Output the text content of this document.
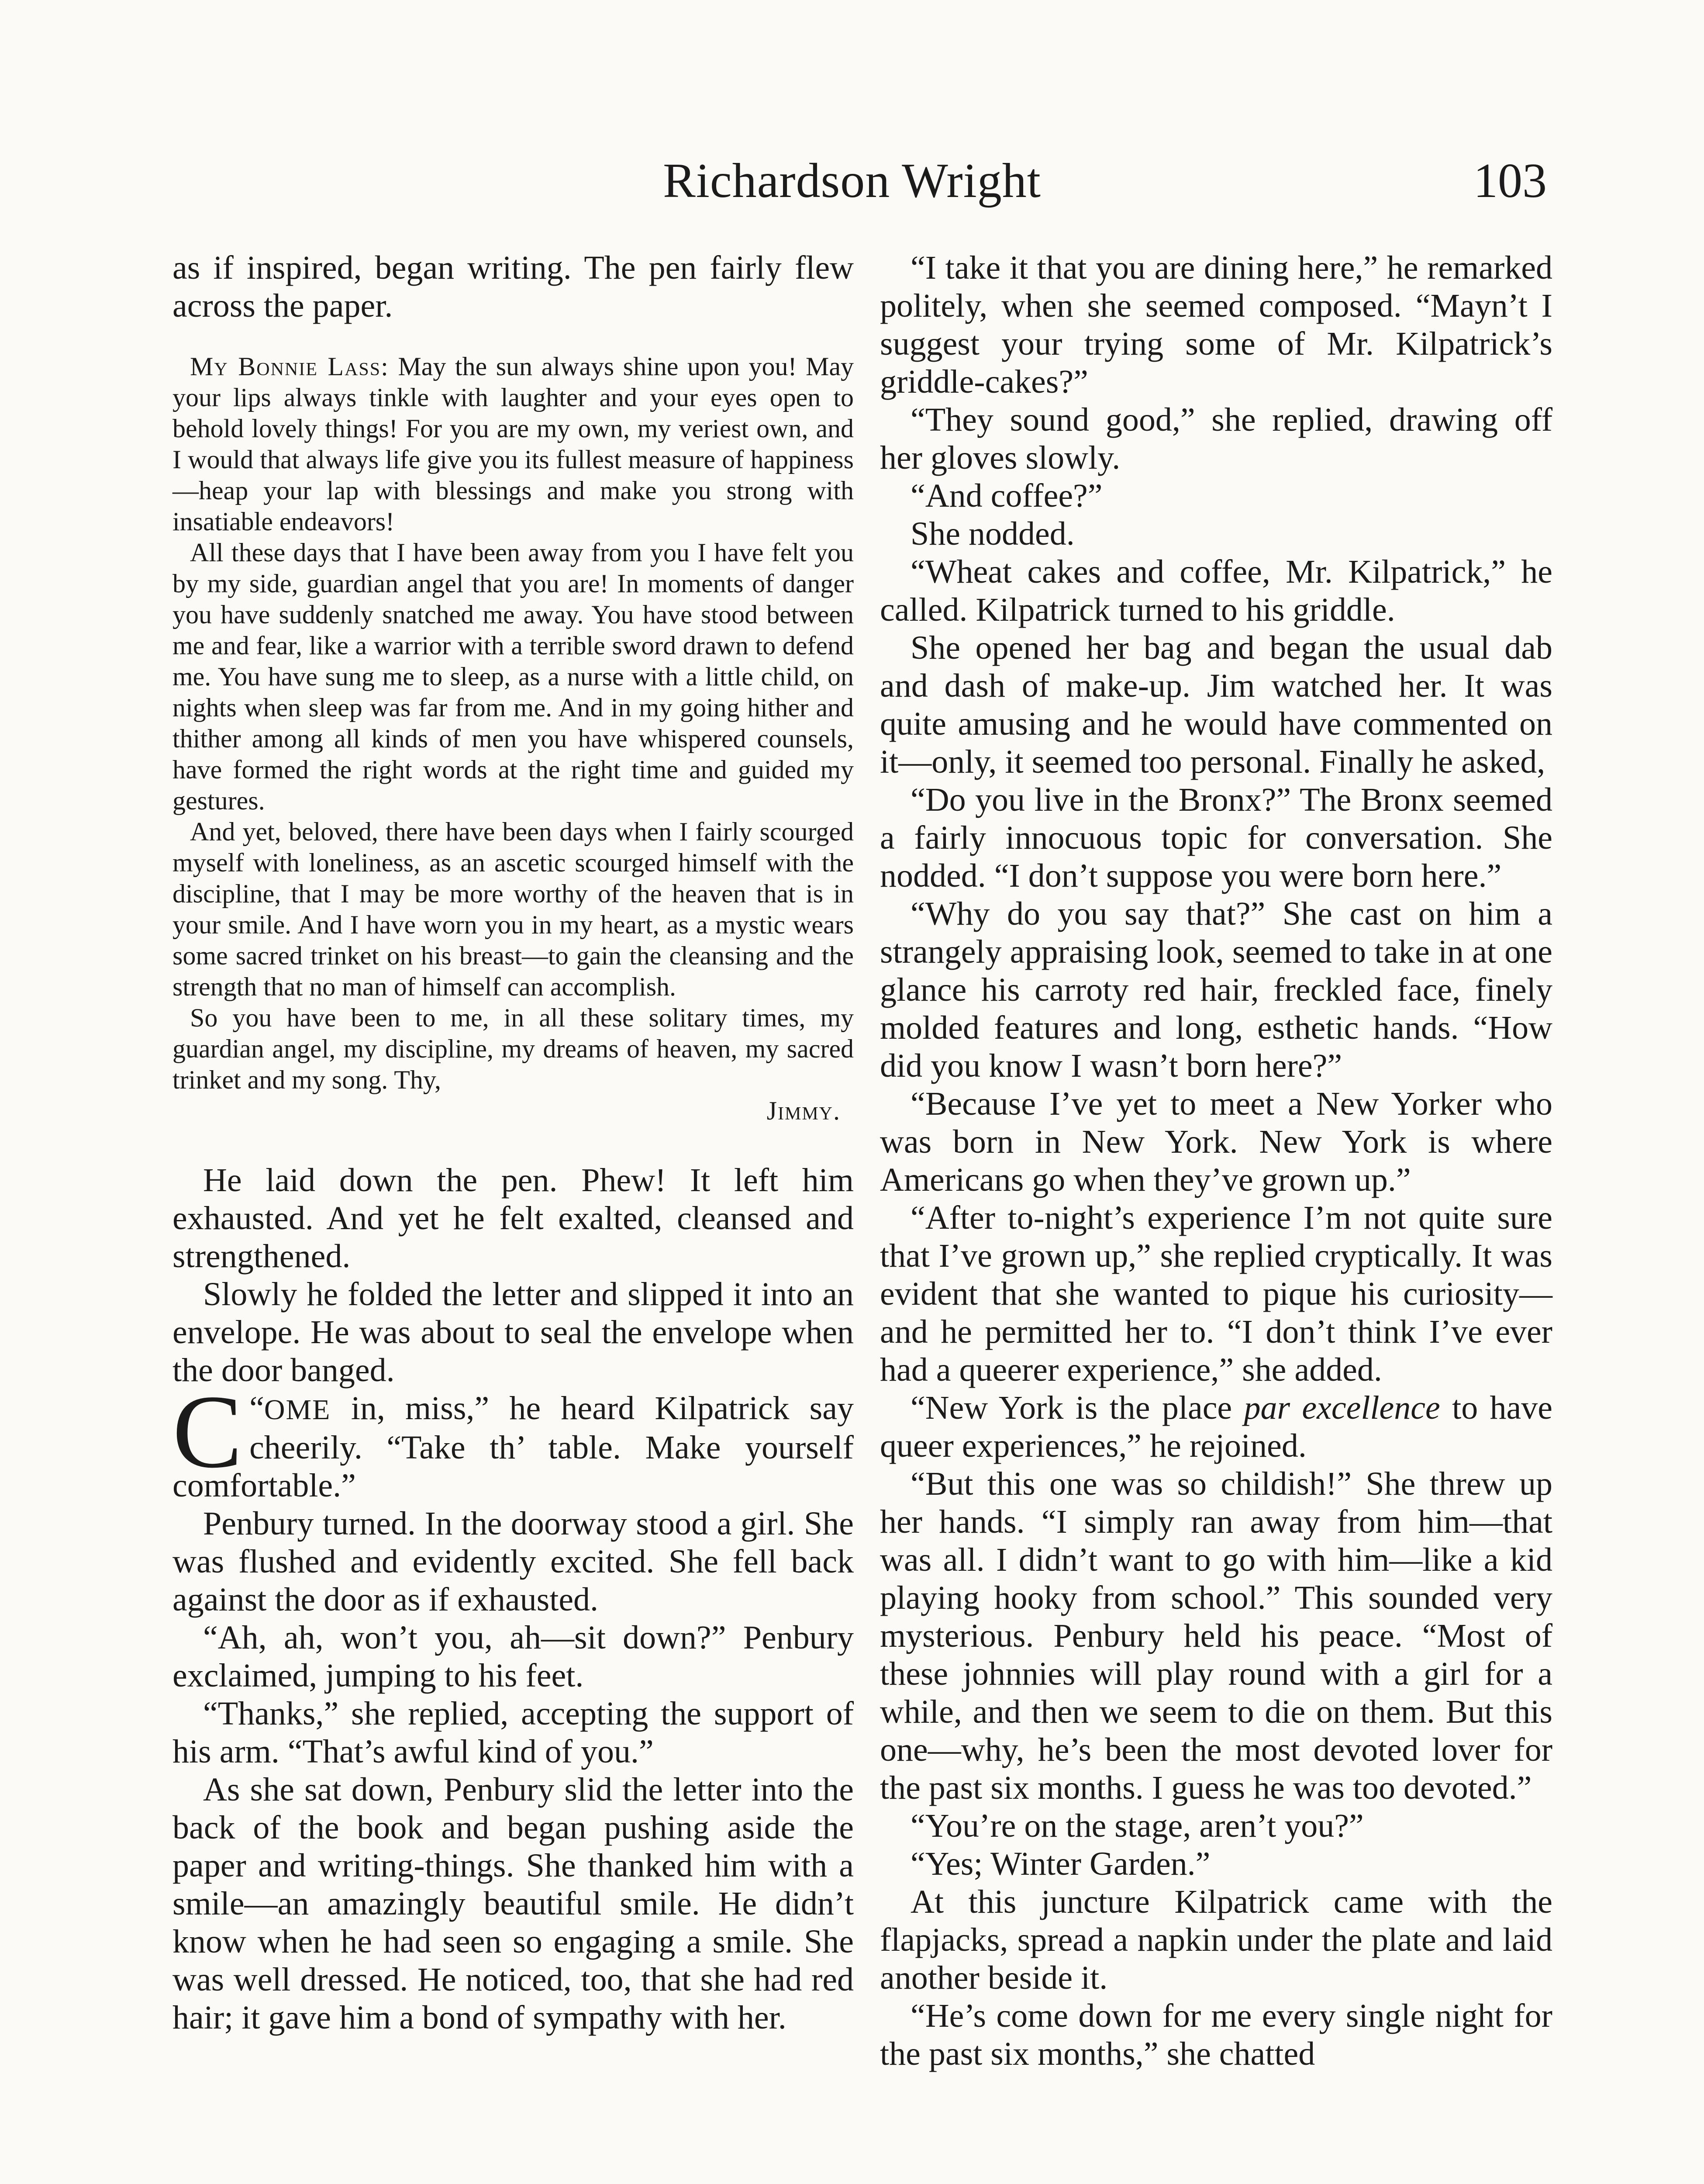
Richardson Wright	103

as if inspired, began writing. The pen fairly flew across the paper.

My Bonnie Lass: May the sun always shine upon you! May your lips always tinkle with laughter and your eyes open to behold lovely things! For you are my own, my veriest own, and I would that always life give you its fullest measure of happiness—heap your lap with blessings and make you strong with insatiable endeavors!

All these days that I have been away from you I have felt you by my side, guardian angel that you are! In moments of danger you have suddenly snatched me away. You have stood between me and fear, like a warrior with a terrible sword drawn to defend me. You have sung me to sleep, as a nurse with a little child, on nights when sleep was far from me. And in my going hither and thither among all kinds of men you have whispered counsels, have formed the right words at the right time and guided my gestures.

And yet, beloved, there have been days when I fairly scourged myself with loneliness, as an ascetic scourged himself with the discipline, that I may be more worthy of the heaven that is in your smile. And I have worn you in my heart, as a mystic wears some sacred trinket on his breast—to gain the cleansing and the strength that no man of himself can accomplish.

So you have been to me, in all these solitary times, my guardian angel, my discipline, my dreams of heaven, my sacred trinket and my song. Thy,

Jimmy.

He laid down the pen. Phew! It left him exhausted. And yet he felt exalted, cleansed and strengthened.

Slowly he folded the letter and slipped it into an envelope. He was about to seal the envelope when the door banged.

“
C OME in, miss,” he heard Kilpatrick say cheerily. “Take th’ table. Make yourself comfortable.”

Penbury turned. In the doorway stood a girl. She was flushed and evidently excited. She fell back against the door as if exhausted.

“Ah, ah, won’t you, ah—sit down?” Penbury exclaimed, jumping to his feet.

“Thanks,” she replied, accepting the support of his arm. “That’s awful kind of you.”

As she sat down, Penbury slid the letter into the back of the book and began pushing aside the paper and writing-things. She thanked him with a smile—an amazingly beautiful smile. He didn’t know when he had seen so engaging a smile. She was well dressed. He noticed, too, that she had red hair; it gave him a bond of sympathy with her.

“I take it that you are dining here,” he remarked politely, when she seemed composed. “Mayn’t I suggest your trying some of Mr. Kilpatrick’s griddle-cakes?”

“They sound good,” she replied, drawing off her gloves slowly.

“And coffee?”

She nodded.

“Wheat cakes and coffee, Mr. Kilpatrick,” he called. Kilpatrick turned to his griddle.

She opened her bag and began the usual dab and dash of make-up. Jim watched her. It was quite amusing and he would have commented on it—only, it seemed too personal. Finally he asked,

“Do you live in the Bronx?” The Bronx seemed a fairly innocuous topic for conversation. She nodded. “I don’t suppose you were born here.”

“Why do you say that?” She cast on him a strangely appraising look, seemed to take in at one glance his carroty red hair, freckled face, finely molded features and long, esthetic hands. “How did you know I wasn’t born here?”

“Because I’ve yet to meet a New Yorker who was born in New York. New York is where Americans go when they’ve grown up.”

“After to-night’s experience I’m not quite sure that I’ve grown up,” she replied cryptically. It was evident that she wanted to pique his curiosity—and he permitted her to. “I don’t think I’ve ever had a queerer experience,” she added.

“New York is the place par excellence to have queer experiences,” he rejoined.

“But this one was so childish!” She threw up her hands. “I simply ran away from him—that was all. I didn’t want to go with him—like a kid playing hooky from school.” This sounded very mysterious. Penbury held his peace. “Most of these johnnies will play round with a girl for a while, and then we seem to die on them. But this one—why, he’s been the most devoted lover for the past six months. I guess he was too devoted.”

“You’re on the stage, aren’t you?”

“Yes; Winter Garden.”

At this juncture Kilpatrick came with the flapjacks, spread a napkin under the plate and laid another beside it.

“He’s come down for me every single night for the past six months,” she chatted
